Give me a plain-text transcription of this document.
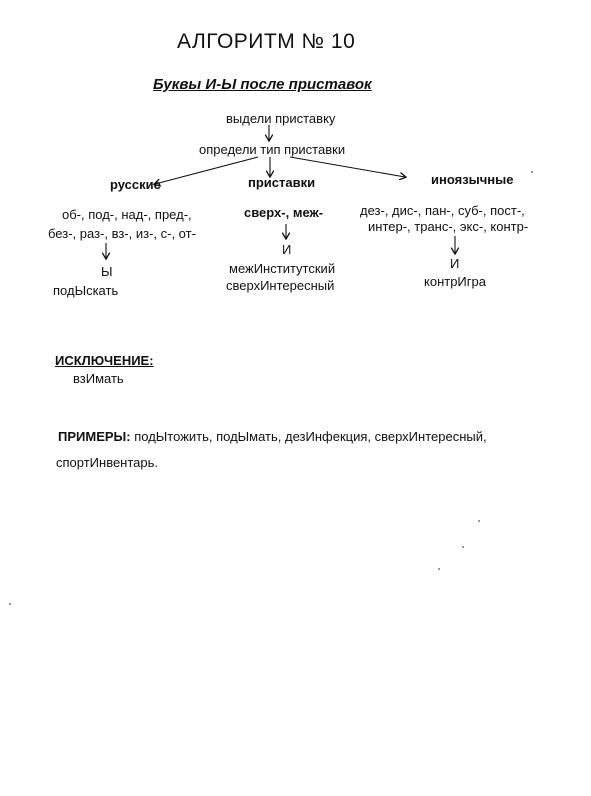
АЛГОРИТМ № 10
Буквы И-Ы после приставок
выдели приставку
определи тип приставки
русские	приставки	иноязычные
об-, под-, над-, пред-,
без-, раз-, вз-, из-, с-, от-
Ы
подЫскать
сверх-, меж-
И
межИнститутский
сверхИнтересный
дез-, дис-, пан-, суб-, пост-,
интер-, транс-, экс-, контр-
И
контрИгра
ИСКЛЮЧЕНИЕ:
взИмать
ПРИМЕРЫ: подЫтожить, подЫмать, дезИнфекция, сверхИнтересный,
спортИнвентарь.
